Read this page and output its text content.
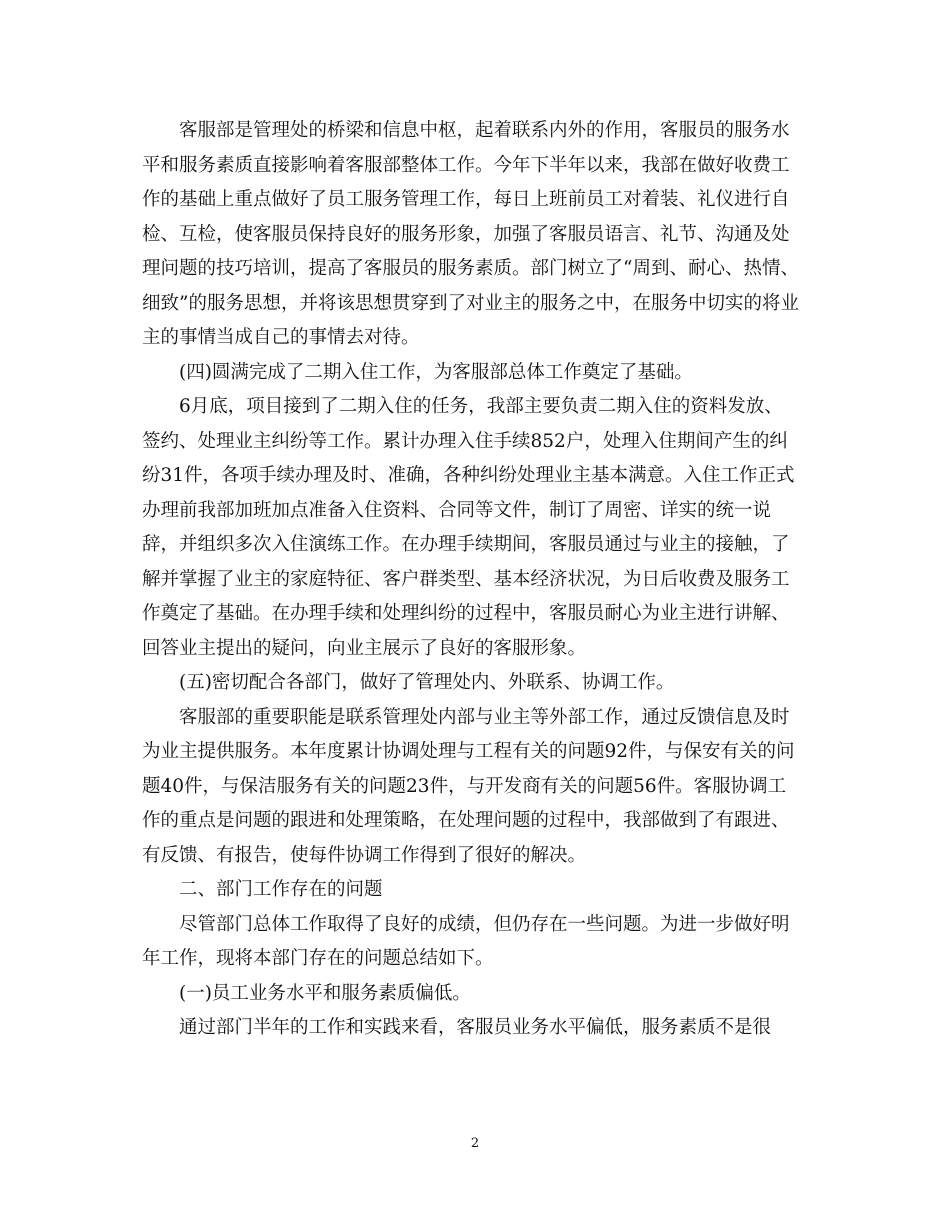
客服部是管理处的桥梁和信息中枢，起着联系内外的作用，客服员的服务水
平和服务素质直接影响着客服部整体工作。今年下半年以来，我部在做好收费工
作的基础上重点做好了员工服务管理工作，每日上班前员工对着装、礼仪进行自
检、互检，使客服员保持良好的服务形象，加强了客服员语言、礼节、沟通及处
理问题的技巧培训，提高了客服员的服务素质。部门树立了“周到、耐心、热情、
细致”的服务思想，并将该思想贯穿到了对业主的服务之中，在服务中切实的将业
主的事情当成自己的事情去对待。
(四)圆满完成了二期入住工作，为客服部总体工作奠定了基础。
6月底，项目接到了二期入住的任务，我部主要负责二期入住的资料发放、
签约、处理业主纠纷等工作。累计办理入住手续852户，处理入住期间产生的纠
纷31件，各项手续办理及时、准确，各种纠纷处理业主基本满意。入住工作正式
办理前我部加班加点准备入住资料、合同等文件，制订了周密、详实的统一说
辞，并组织多次入住演练工作。在办理手续期间，客服员通过与业主的接触，了
解并掌握了业主的家庭特征、客户群类型、基本经济状况，为日后收费及服务工
作奠定了基础。在办理手续和处理纠纷的过程中，客服员耐心为业主进行讲解、
回答业主提出的疑问，向业主展示了良好的客服形象。
(五)密切配合各部门，做好了管理处内、外联系、协调工作。
客服部的重要职能是联系管理处内部与业主等外部工作，通过反馈信息及时
为业主提供服务。本年度累计协调处理与工程有关的问题92件，与保安有关的问
题40件，与保洁服务有关的问题23件，与开发商有关的问题56件。客服协调工
作的重点是问题的跟进和处理策略，在处理问题的过程中，我部做到了有跟进、
有反馈、有报告，使每件协调工作得到了很好的解决。
二、部门工作存在的问题
尽管部门总体工作取得了良好的成绩，但仍存在一些问题。为进一步做好明
年工作，现将本部门存在的问题总结如下。
(一)员工业务水平和服务素质偏低。
通过部门半年的工作和实践来看，客服员业务水平偏低，服务素质不是很
2
